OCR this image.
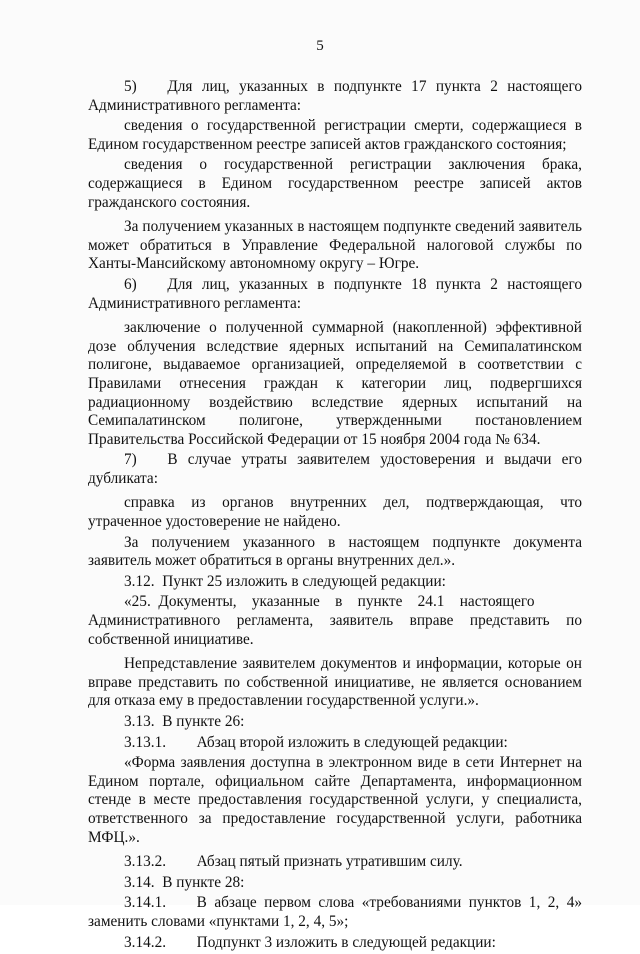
5

5)  Для лиц, указанных в подпункте 17 пункта 2 настоящего Административного регламента:

сведения о государственной регистрации смерти, содержащиеся в Едином государственном реестре записей актов гражданского состояния;

сведения о государственной регистрации заключения брака, содержащиеся в Едином государственном реестре записей актов гражданского состояния.

За получением указанных в настоящем подпункте сведений заявитель может обратиться в Управление Федеральной налоговой службы по Ханты-Мансийскому автономному округу – Югре.

6)  Для лиц, указанных в подпункте 18 пункта 2 настоящего Административного регламента:

заключение о полученной суммарной (накопленной) эффективной дозе облучения вследствие ядерных испытаний на Семипалатинском полигоне, выдаваемое организацией, определяемой в соответствии с Правилами отнесения граждан к категории лиц, подвергшихся радиационному воздействию вследствие ядерных испытаний на Семипалатинском полигоне, утвержденными постановлением Правительства Российской Федерации от 15 ноября 2004 года № 634.

7)  В случае утраты заявителем удостоверения и выдачи его дубликата:

справка из органов внутренних дел, подтверждающая, что утраченное удостоверение не найдено.

За получением указанного в настоящем подпункте документа заявитель может обратиться в органы внутренних дел.».

3.12. Пункт 25 изложить в следующей редакции:

«25. Документы, указанные в пункте 24.1 настоящего Административного регламента, заявитель вправе представить по собственной инициативе.

Непредставление заявителем документов и информации, которые он вправе представить по собственной инициативе, не является основанием для отказа ему в предоставлении государственной услуги.».

3.13. В пункте 26:

3.13.1.  Абзац второй изложить в следующей редакции:

«Форма заявления доступна в электронном виде в сети Интернет на Едином портале, официальном сайте Департамента, информационном стенде в месте предоставления государственной услуги, у специалиста, ответственного за предоставление государственной услуги, работника МФЦ.».

3.13.2.  Абзац пятый признать утратившим силу.

3.14. В пункте 28:

3.14.1.  В абзаце первом слова «требованиями пунктов 1, 2, 4» заменить словами «пунктами 1, 2, 4, 5»;

3.14.2.  Подпункт 3 изложить в следующей редакции:
